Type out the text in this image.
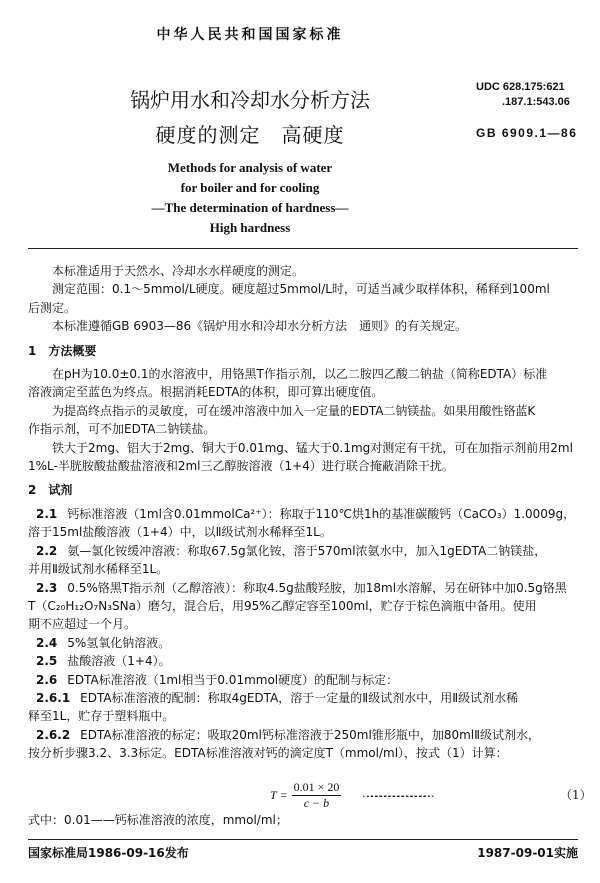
中华人民共和国国家标准
锅炉用水和冷却水分析方法
硬度的测定　高硬度
UDC 628.175:621
.187.1:543.06
GB 6909.1—86
Methods for analysis of water
for boiler and for cooling
—The determination of hardness—
High hardness
本标准适用于天然水、冷却水水样硬度的测定。
测定范围：0.1～5mmol/L硬度。硬度超过5mmol/L时，可适当减少取样体积，稀释到100ml
后测定。
本标准遵循GB 6903—86《锅炉用水和冷却水分析方法　通则》的有关规定。
1　方法概要
在pH为10.0±0.1的水溶液中，用铬黑T作指示剂，以乙二胺四乙酸二钠盐（简称EDTA）标准
溶液滴定至蓝色为终点。根据消耗EDTA的体积，即可算出硬度值。
为提高终点指示的灵敏度，可在缓冲溶液中加入一定量的EDTA二钠镁盐。如果用酸性铬蓝K
作指示剂，可不加EDTA二钠镁盐。
铁大于2mg、铝大于2mg、铜大于0.01mg、锰大于0.1mg对测定有干扰，可在加指示剂前用2ml
1%L-半胱胺酸盐酸盐溶液和2ml三乙醇胺溶液（1+4）进行联合掩蔽消除干扰。
2　试剂
2.1 钙标准溶液（1ml含0.01mmolCa²⁺）：称取于110℃烘1h的基准碳酸钙（CaCO₃）1.0009g，
溶于15ml盐酸溶液（1+4）中，以Ⅱ级试剂水稀释至1L。
2.2 氨—氯化铵缓冲溶液：称取67.5g氯化铵，溶于570ml浓氨水中，加入1gEDTA二钠镁盐，
并用Ⅱ级试剂水稀释至1L。
2.3 0.5%铬黑T指示剂（乙醇溶液）：称取4.5g盐酸羟胺，加18ml水溶解，另在研钵中加0.5g铬黑
T（C₂₀H₁₂O₇N₃SNa）磨匀，混合后，用95%乙醇定容至100ml，贮存于棕色滴瓶中备用。使用
期不应超过一个月。
2.4 5%氢氧化钠溶液。
2.5 盐酸溶液（1+4）。
2.6 EDTA标准溶液（1ml相当于0.01mmol硬度）的配制与标定：
2.6.1 EDTA标准溶液的配制：称取4gEDTA，溶于一定量的Ⅱ级试剂水中，用Ⅱ级试剂水稀
释至1L，贮存于塑料瓶中。
2.6.2 EDTA标准溶液的标定：吸取20ml钙标准溶液于250ml锥形瓶中，加80mlⅡ级试剂水，
按分析步骤3.2、3.3标定。EDTA标准溶液对钙的滴定度T（mmol/ml），按式（1）计算：
$T = \frac{0.01 \times 20}{c - b}$ ………………………………………	（1）
式中：0.01——钙标准溶液的浓度，mmol/ml；
国家标准局1986-09-16发布	1987-09-01实施
